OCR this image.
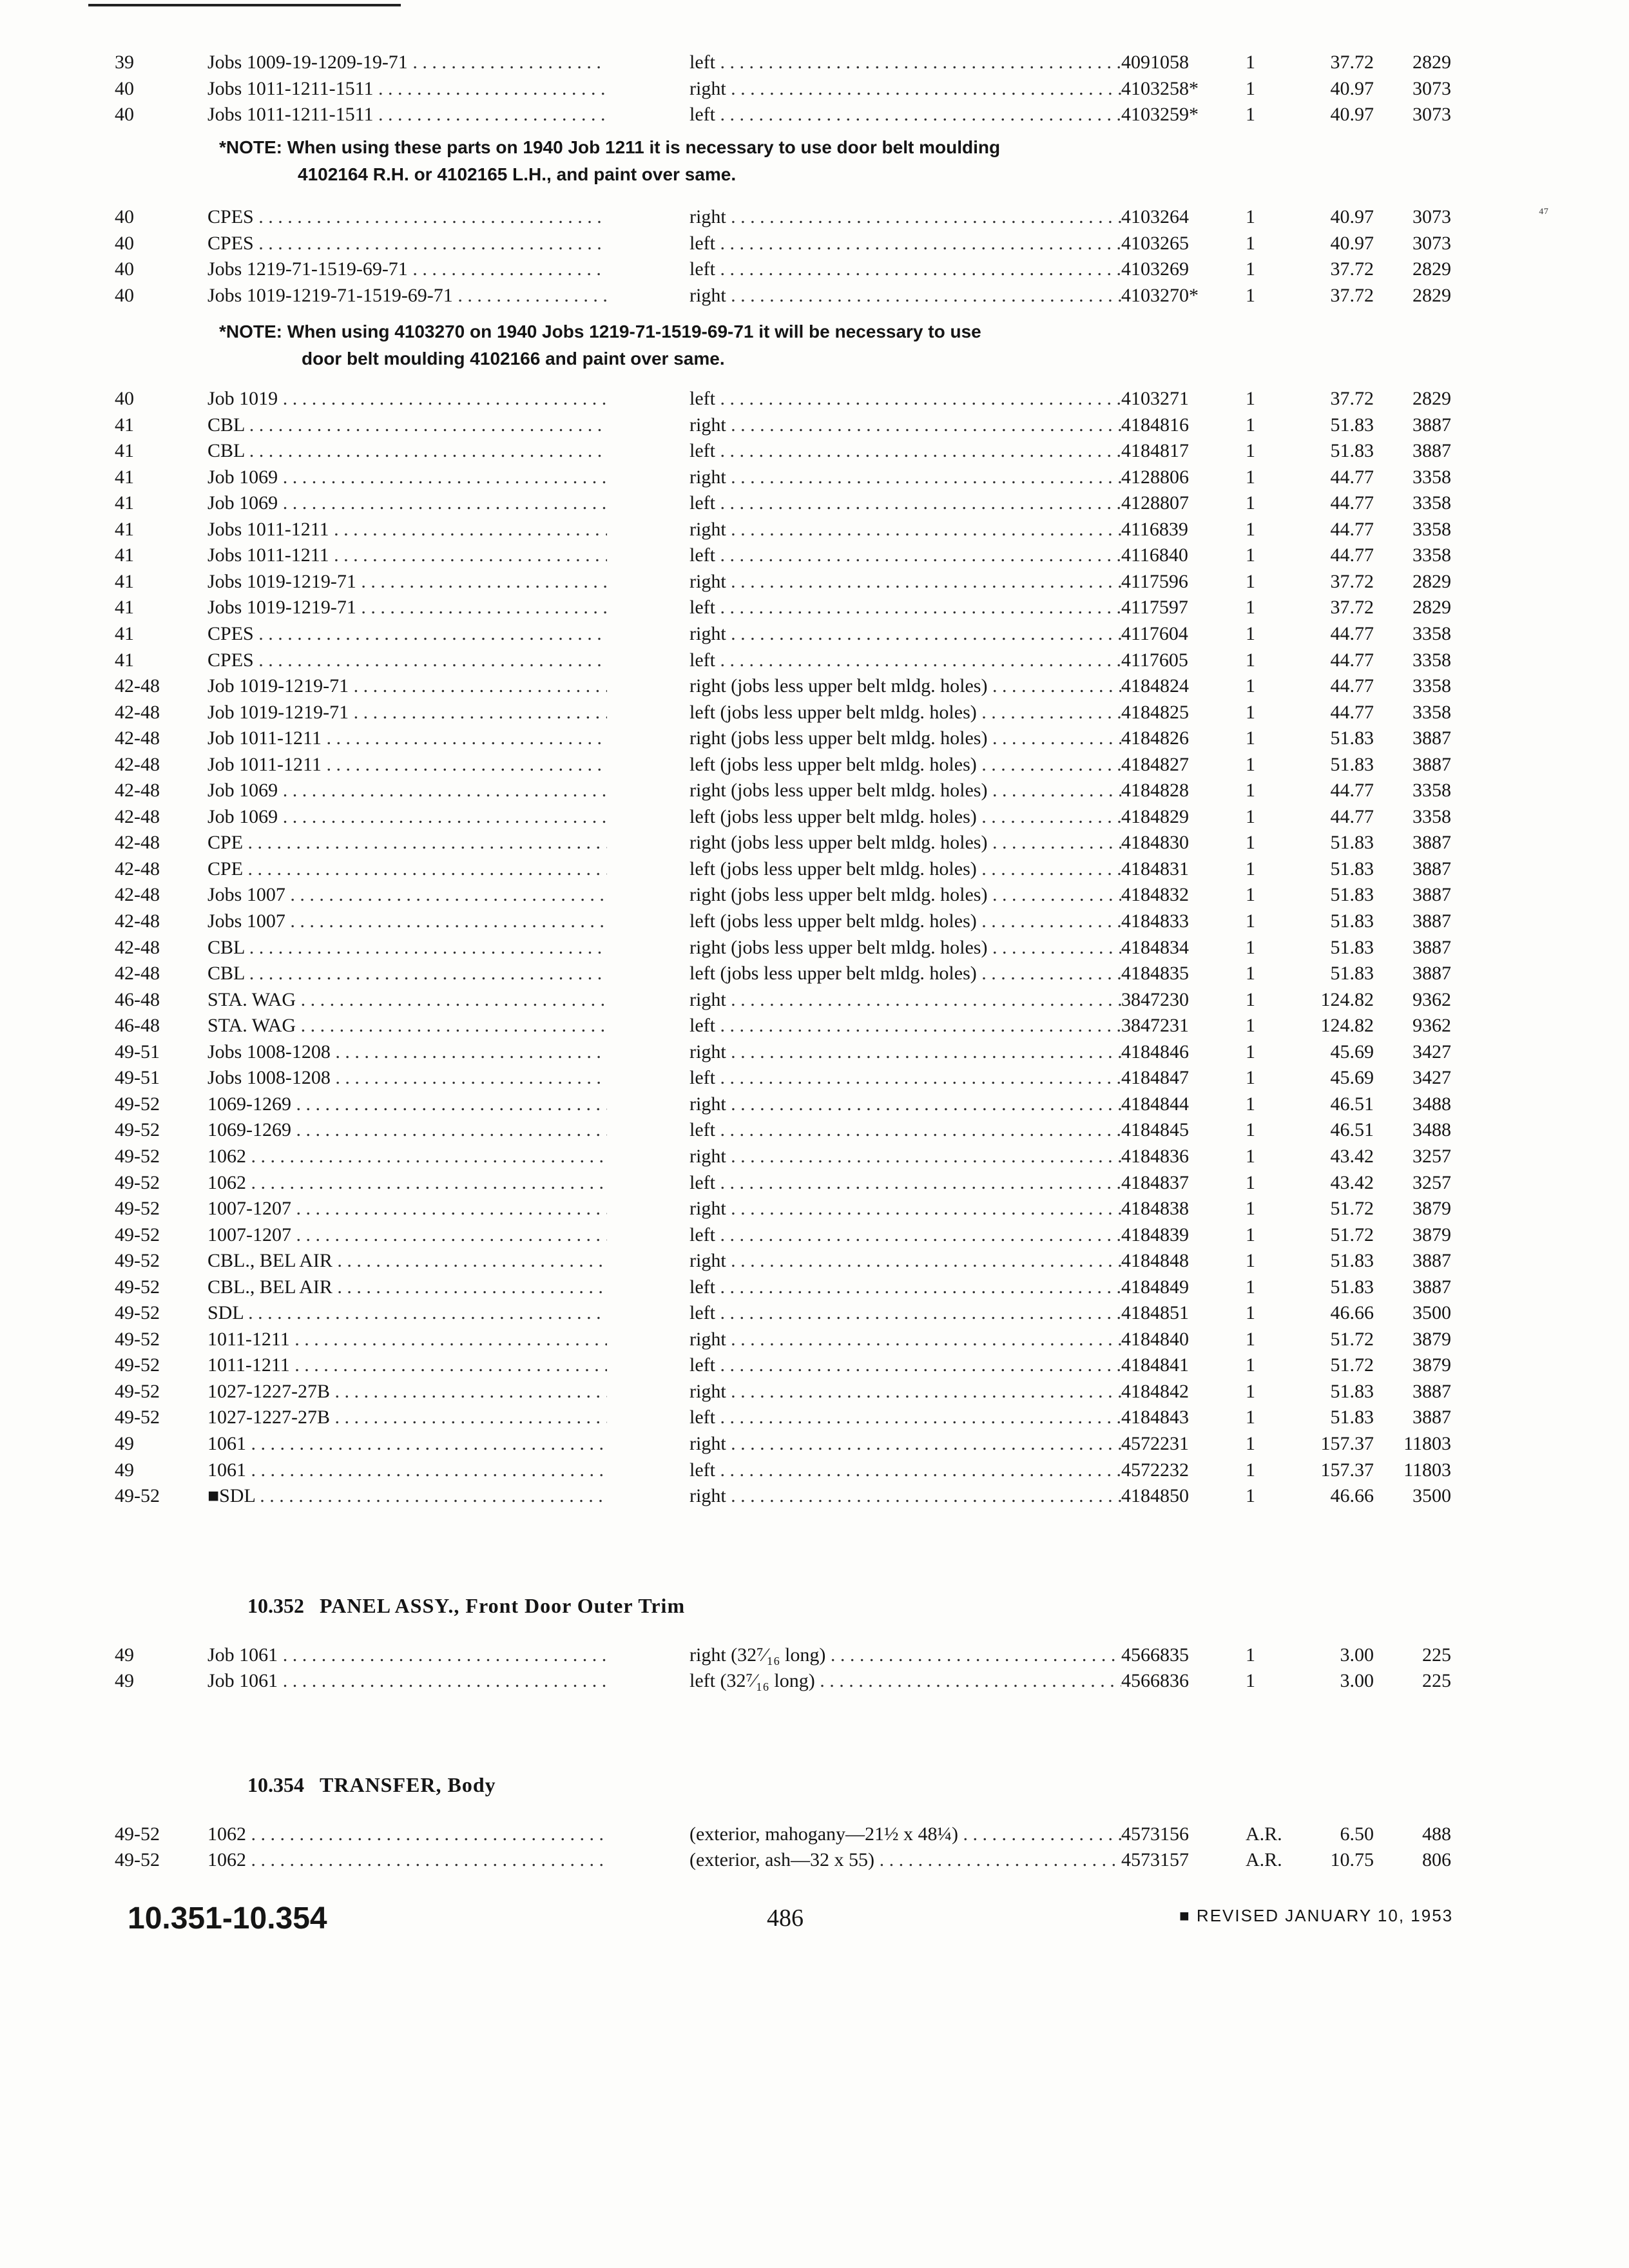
⁴⁷
39	Jobs 1009-19-1209-19-71 . . .	left . . .	4091058	1	37.72	2829
40	Jobs 1011-1211-1511 . . .	right . . .	4103258* 1	40.97	3073
40	Jobs 1011-1211-1511 . . .	left . . .	4103259* 1	40.97	3073
*NOTE: When using these parts on 1940 Job 1211 it is necessary to use door belt moulding
4102164 R.H. or 4102165 L.H., and paint over same.
40	CPES . . .	right . . .	4103264	1	40.97	3073
40	CPES . . .	left . . .	4103265	1	40.97	3073
40	Jobs 1219-71-1519-69-71 . . .	left . . .	4103269	1	37.72	2829
40	Jobs 1019-1219-71-1519-69-71 . . .	right . . .	4103270* 1	37.72	2829
*NOTE: When using 4103270 on 1940 Jobs 1219-71-1519-69-71 it will be necessary to use
door belt moulding 4102166 and paint over same.
40	Job 1019 . . .	left . . .	4103271	1	37.72	2829
41	CBL . . .	right . . .	4184816	1	51.83	3887
41	CBL . . .	left . . .	4184817	1	51.83	3887
41	Job 1069 . . .	right . . .	4128806	1	44.77	3358
41	Job 1069 . . .	left . . .	4128807	1	44.77	3358
41	Jobs 1011-1211 . . .	right . . .	4116839	1	44.77	3358
41	Jobs 1011-1211 . . .	left . . .	4116840	1	44.77	3358
41	Jobs 1019-1219-71 . . .	right . . .	4117596	1	37.72	2829
41	Jobs 1019-1219-71 . . .	left . . .	4117597	1	37.72	2829
41	CPES . . .	right . . .	4117604	1	44.77	3358
41	CPES . . .	left . . .	4117605	1	44.77	3358
42-48 Job 1019-1219-71 . . .	right (jobs less upper belt mldg. holes) . . .	4184824	1	44.77	3358
42-48 Job 1019-1219-71 . . .	left (jobs less upper belt mldg. holes) . . .	4184825	1	44.77	3358
42-48 Job 1011-1211 . . .	right (jobs less upper belt mldg. holes) . . .	4184826	1	51.83	3887
42-48 Job 1011-1211 . . .	left (jobs less upper belt mldg. holes) . . .	4184827	1	51.83	3887
42-48 Job 1069 . . .	right (jobs less upper belt mldg. holes) . . .	4184828	1	44.77	3358
42-48 Job 1069 . . .	left (jobs less upper belt mldg. holes) . . .	4184829	1	44.77	3358
42-48 CPE . . .	right (jobs less upper belt mldg. holes) . . .	4184830	1	51.83	3887
42-48 CPE . . .	left (jobs less upper belt mldg. holes) . . .	4184831	1	51.83	3887
42-48 Jobs 1007 . . .	right (jobs less upper belt mldg. holes) . . .	4184832	1	51.83	3887
42-48 Jobs 1007 . . .	left (jobs less upper belt mldg. holes) . . .	4184833	1	51.83	3887
42-48 CBL . . .	right (jobs less upper belt mldg. holes) . . .	4184834	1	51.83	3887
42-48 CBL . . .	left (jobs less upper belt mldg. holes) . . .	4184835	1	51.83	3887
46-48 STA. WAG . . .	right . . .	3847230	1	124.82	9362
46-48 STA. WAG . . .	left . . .	3847231	1	124.82	9362
49-51 Jobs 1008-1208 . . .	right . . .	4184846	1	45.69	3427
49-51 Jobs 1008-1208 . . .	left . . .	4184847	1	45.69	3427
49-52 1069-1269 . . .	right . . .	4184844	1	46.51	3488
49-52 1069-1269 . . .	left . . .	4184845	1	46.51	3488
49-52 1062 . . .	right . . .	4184836	1	43.42	3257
49-52 1062 . . .	left . . .	4184837	1	43.42	3257
49-52 1007-1207 . . .	right . . .	4184838	1	51.72	3879
49-52 1007-1207 . . .	left . . .	4184839	1	51.72	3879
49-52 CBL., BEL AIR . . .	right . . .	4184848	1	51.83	3887
49-52 CBL., BEL AIR . . .	left . . .	4184849	1	51.83	3887
49-52 SDL . . .	left . . .	4184851	1	46.66	3500
49-52 1011-1211 . . .	right . . .	4184840	1	51.72	3879
49-52 1011-1211 . . .	left . . .	4184841	1	51.72	3879
49-52 1027-1227-27B . . .	right . . .	4184842	1	51.83	3887
49-52 1027-1227-27B . . .	left . . .	4184843	1	51.83	3887
49	1061 . . .	right . . .	4572231	1	157.37	11803
49	1061 . . .	left . . .	4572232	1	157.37	11803
49-52 ■SDL . . .	right . . .	4184850	1	46.66	3500
10.352 PANEL ASSY., Front Door Outer Trim
49	Job 1061 . . .	right (32⁷⁄₁₆ long) . . .	4566835	1	3.00	225
49	Job 1061 . . .	left (32⁷⁄₁₆ long) . . .	4566836	1	3.00	225
10.354 TRANSFER, Body
49-52 1062 . . .	(exterior, mahogany—21½ x 48¼) . . .	4573156	A.R.	6.50	488
49-52 1062 . . .	(exterior, ash—32 x 55) . . .	4573157	A.R.	10.75	806
10.351-10.354	486	■ REVISED JANUARY 10, 1953
